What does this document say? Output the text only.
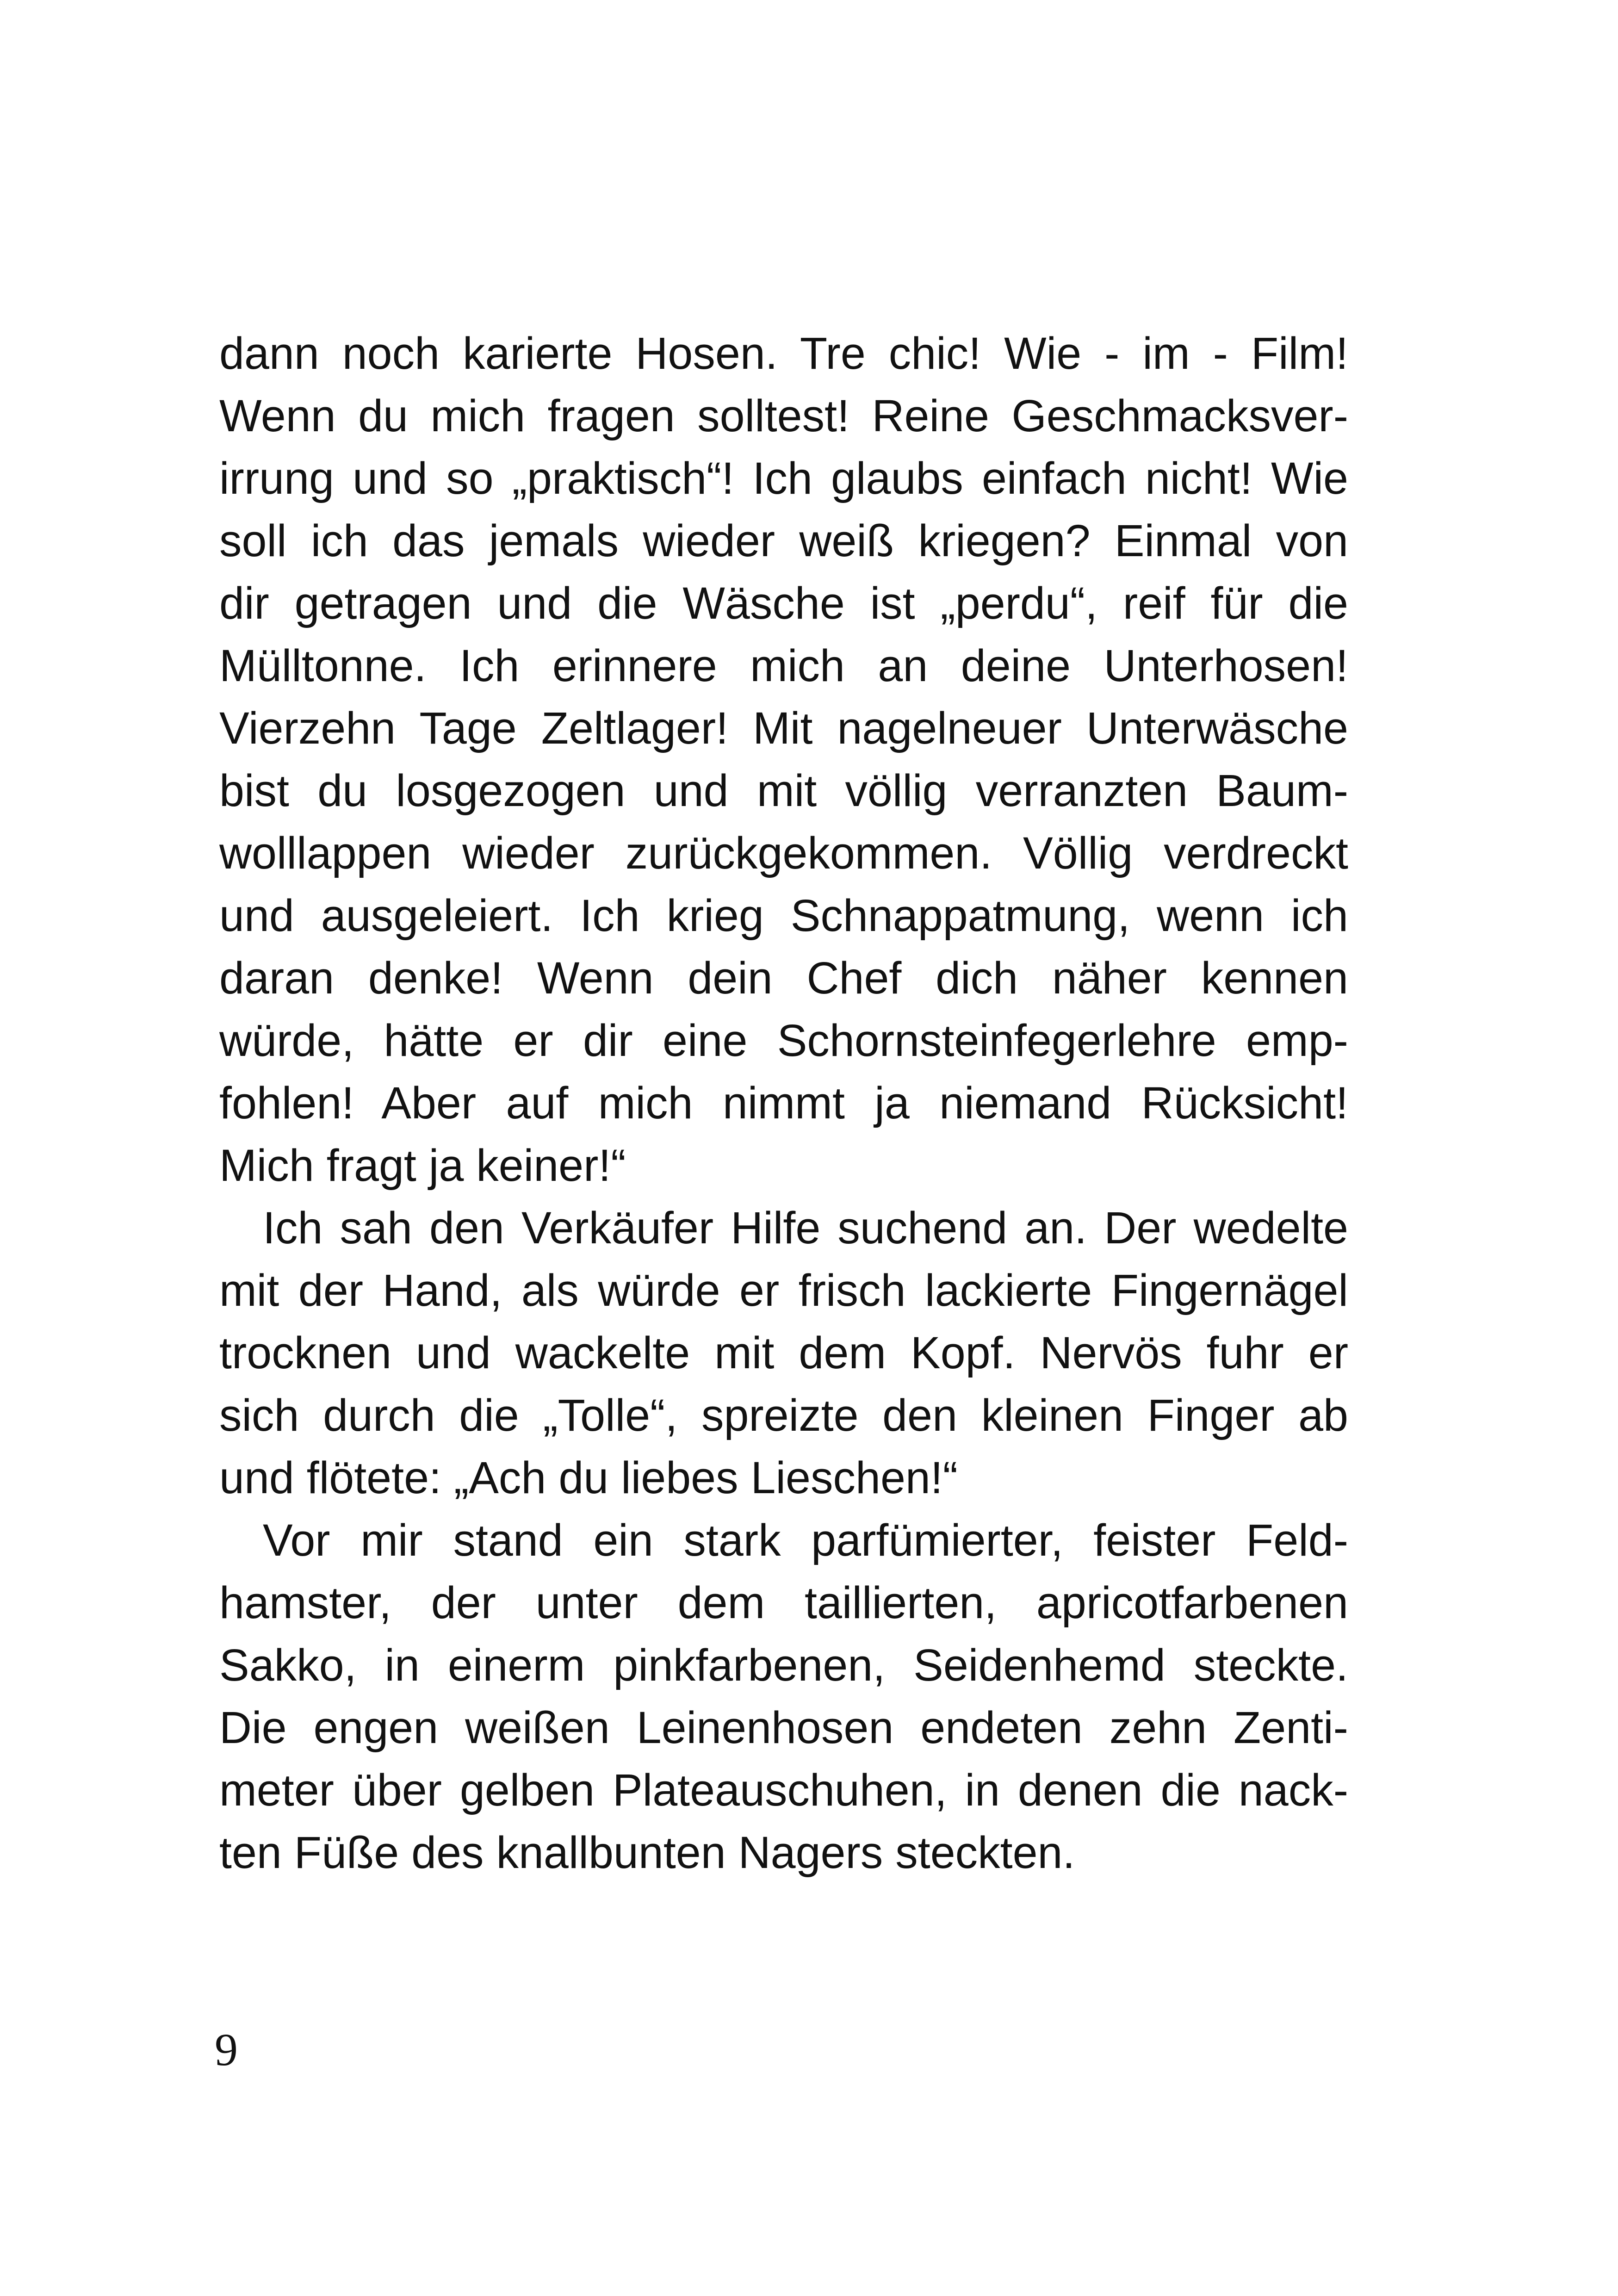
dann noch karierte Hosen. Tre chic! Wie - im - Film!
Wenn du mich fragen solltest! Reine Geschmacksver-
irrung und so „praktisch“! Ich glaubs einfach nicht! Wie
soll ich das jemals wieder weiß kriegen? Einmal von
dir getragen und die Wäsche ist „perdu“, reif für die
Mülltonne. Ich erinnere mich an deine Unterhosen!
Vierzehn Tage Zeltlager! Mit nagelneuer Unterwäsche
bist du losgezogen und mit völlig verranzten Baum-
wolllappen wieder zurückgekommen. Völlig verdreckt
und ausgeleiert. Ich krieg Schnappatmung, wenn ich
daran denke! Wenn dein Chef dich näher kennen
würde, hätte er dir eine Schornsteinfegerlehre emp-
fohlen! Aber auf mich nimmt ja niemand Rücksicht!
Mich fragt ja keiner!“
Ich sah den Verkäufer Hilfe suchend an. Der wedelte
mit der Hand, als würde er frisch lackierte Fingernägel
trocknen und wackelte mit dem Kopf. Nervös fuhr er
sich durch die „Tolle“, spreizte den kleinen Finger ab
und flötete: „Ach du liebes Lieschen!“
Vor mir stand ein stark parfümierter, feister Feld-
hamster, der unter dem taillierten, apricotfarbenen
Sakko, in einerm pinkfarbenen, Seidenhemd steckte.
Die engen weißen Leinenhosen endeten zehn Zenti-
meter über gelben Plateauschuhen, in denen die nack-
ten Füße des knallbunten Nagers steckten.
9
